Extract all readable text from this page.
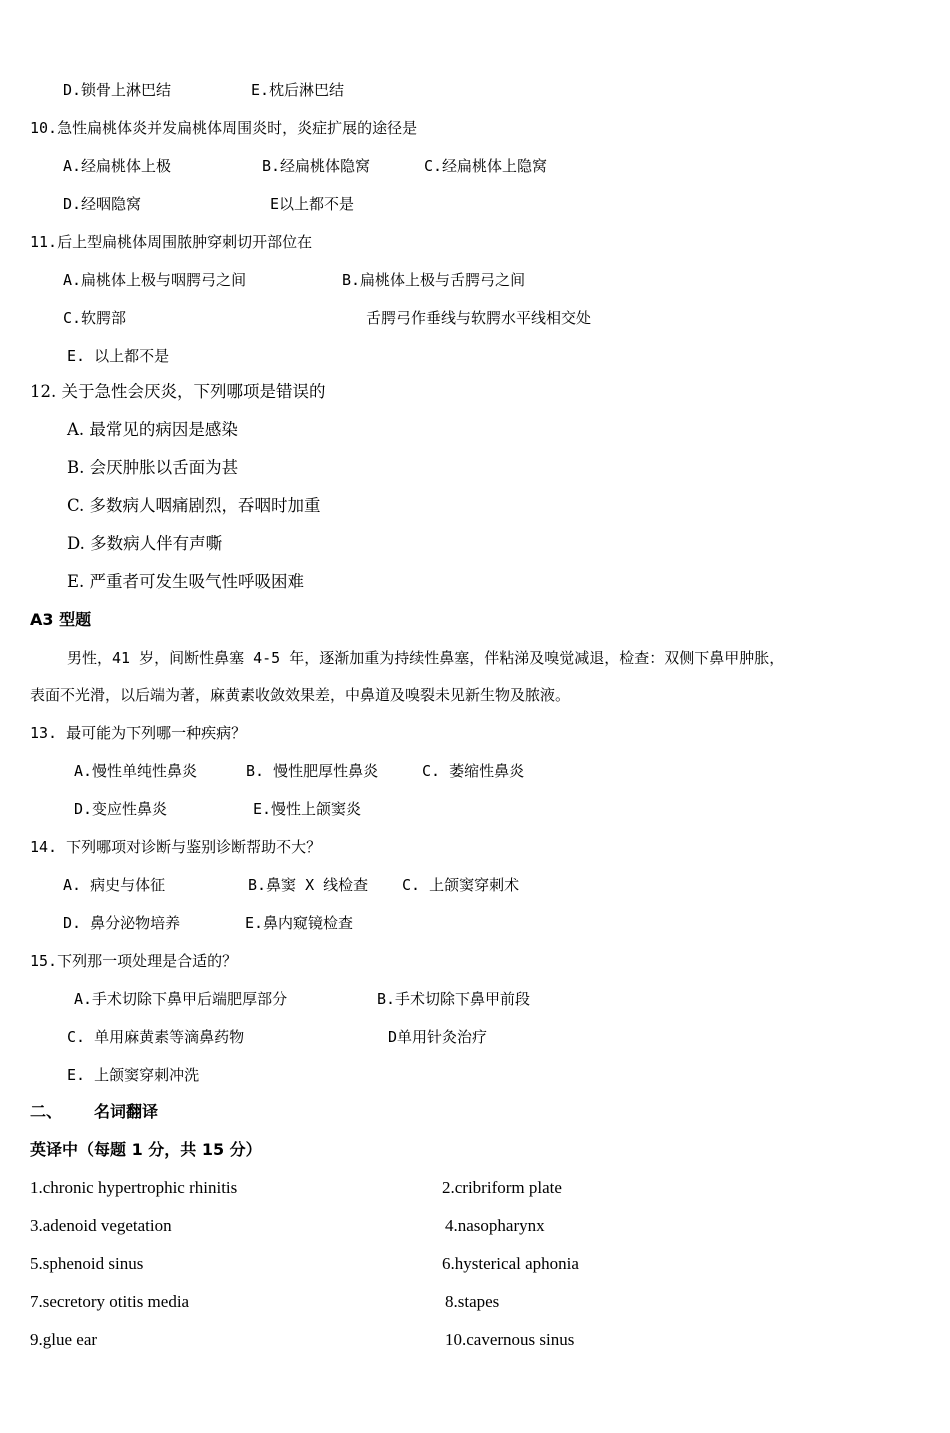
D.锁骨上淋巴结	E.枕后淋巴结
10.急性扁桃体炎并发扁桃体周围炎时，炎症扩展的途径是
A.经扁桃体上极	B.经扁桃体隐窝	C.经扁桃体上隐窝
D.经咽隐窝	E以上都不是
11.后上型扁桃体周围脓肿穿刺切开部位在
A.扁桃体上极与咽腭弓之间	B.扁桃体上极与舌腭弓之间
C.软腭部	舌腭弓作垂线与软腭水平线相交处
E. 以上都不是
12. 关于急性会厌炎，下列哪项是错误的
A. 最常见的病因是感染
B. 会厌肿胀以舌面为甚
C. 多数病人咽痛剧烈，吞咽时加重
D. 多数病人伴有声嘶
E. 严重者可发生吸气性呼吸困难
A3 型题
男性，41 岁，间断性鼻塞 4-5 年，逐渐加重为持续性鼻塞，伴粘涕及嗅觉减退，检查：双侧下鼻甲肿胀，
表面不光滑，以后端为著，麻黄素收敛效果差，中鼻道及嗅裂未见新生物及脓液。
13. 最可能为下列哪一种疾病？
A.慢性单纯性鼻炎	B. 慢性肥厚性鼻炎	C. 萎缩性鼻炎
D.变应性鼻炎	E.慢性上颌窦炎
14. 下列哪项对诊断与鉴别诊断帮助不大？
A. 病史与体征	B.鼻窦 X 线检查 C. 上颌窦穿刺术
D. 鼻分泌物培养	E.鼻内窥镜检查
15.下列那一项处理是合适的？
A.手术切除下鼻甲后端肥厚部分	B.手术切除下鼻甲前段
C. 单用麻黄素等滴鼻药物	D单用针灸治疗
E. 上颌窦穿刺冲洗
二、 名词翻译
英译中（每题 1 分，共 15 分）
1.chronic hypertrophic rhinitis	2.cribriform plate
3.adenoid vegetation	4.nasopharynx
5.sphenoid sinus	6.hysterical aphonia
7.secretory otitis media	8.stapes
9.glue ear	10.cavernous sinus
